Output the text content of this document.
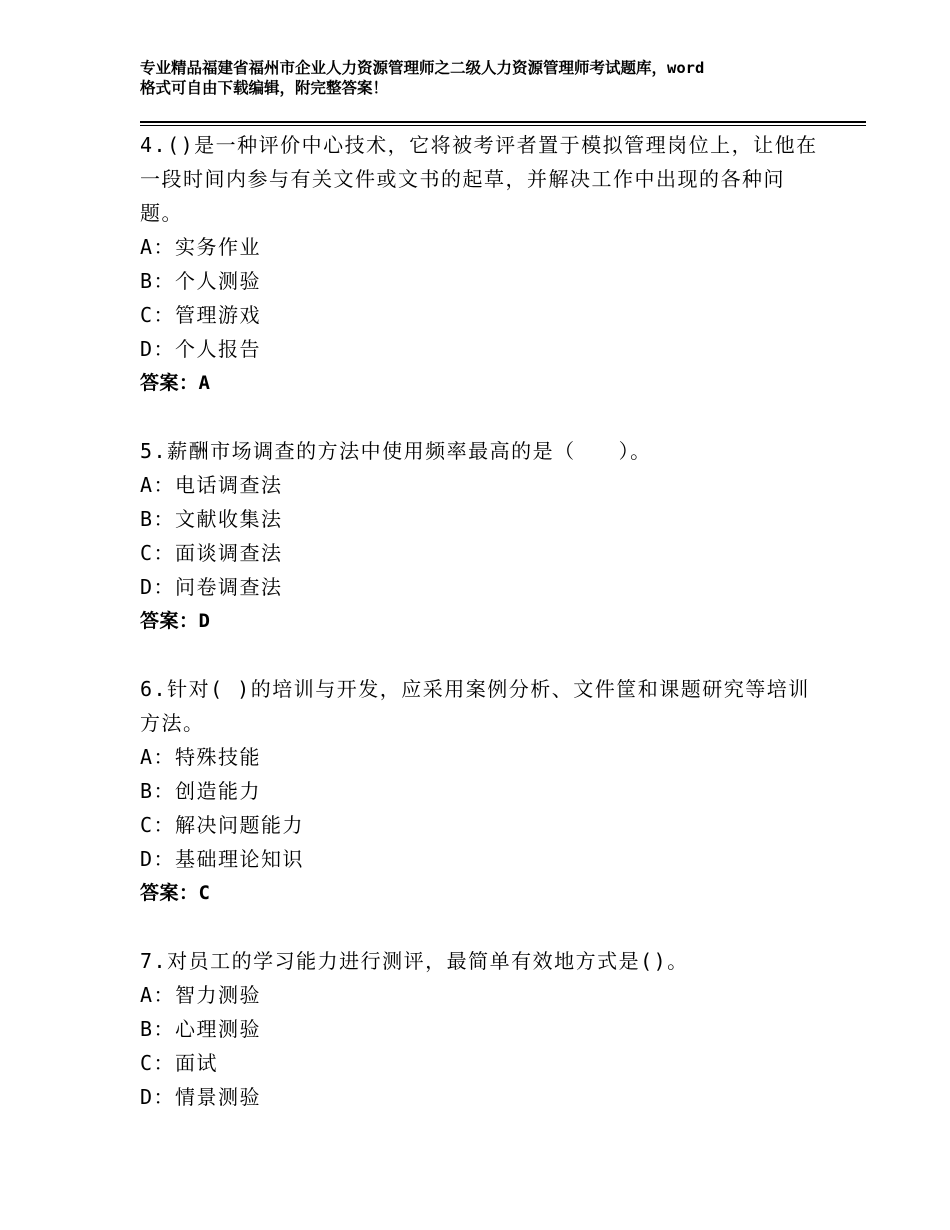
专业精品福建省福州市企业人力资源管理师之二级人力资源管理师考试题库，word
格式可自由下载编辑，附完整答案！
4.()是一种评价中心技术，它将被考评者置于模拟管理岗位上，让他在一段时间内参与有关文件或文书的起草，并解决工作中出现的各种问题。
A：实务作业
B：个人测验
C：管理游戏
D：个人报告
答案：A
5.薪酬市场调查的方法中使用频率最高的是（　　）。
A：电话调查法
B：文献收集法
C：面谈调查法
D：问卷调查法
答案：D
6.针对( )的培训与开发，应采用案例分析、文件筐和课题研究等培训方法。
A：特殊技能
B：创造能力
C：解决问题能力
D：基础理论知识
答案：C
7.对员工的学习能力进行测评，最简单有效地方式是()。
A：智力测验
B：心理测验
C：面试
D：情景测验
